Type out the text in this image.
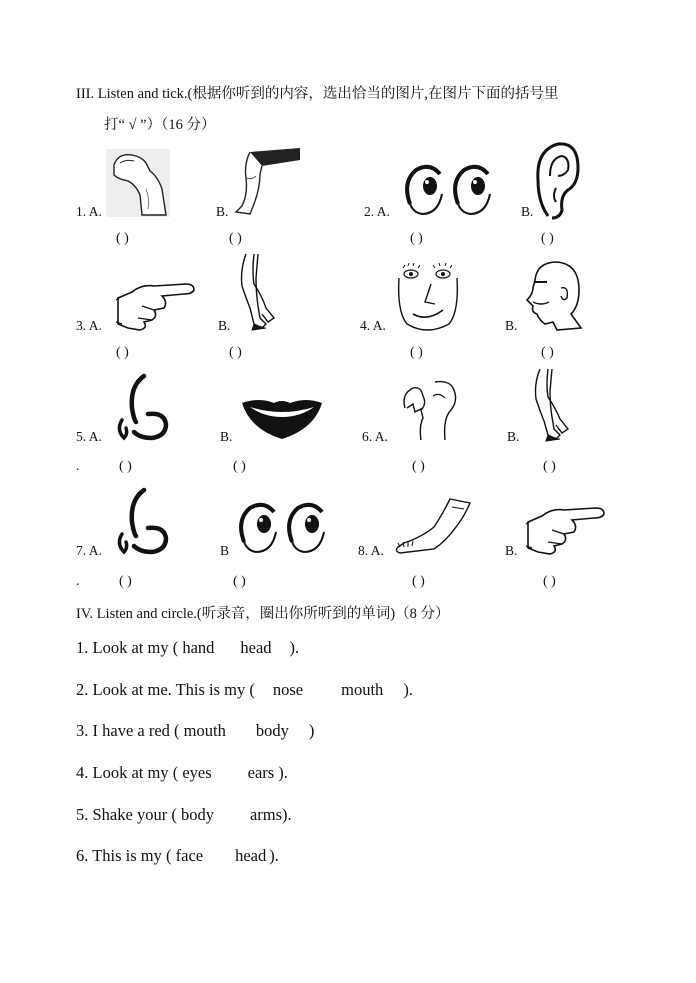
III. Listen and tick.(根据你听到的内容，选出恰当的图片,在图片下面的括号里
打“ √ ”）（16 分）
1. A.	B.	2. A.	B.
( )	( )	( )	( )
3. A.	B.	4. A.	B.
( )	( )	( )	( )
5. A.	B.	6. A.	B.
.	( )	( )	( )	( )
7. A.	B	8. A.	B.
.	( )	( )	( )	( )
IV. Listen and circle.(听录音，圈出你所听到的单词)（8 分）
1. Look at my ( hand head ).
2. Look at me. This is my ( nose mouth ).
3. I have a red ( mouth body )
4. Look at my ( eyes ears ).
5. Shake your ( body arms).
6. This is my ( face head ).
